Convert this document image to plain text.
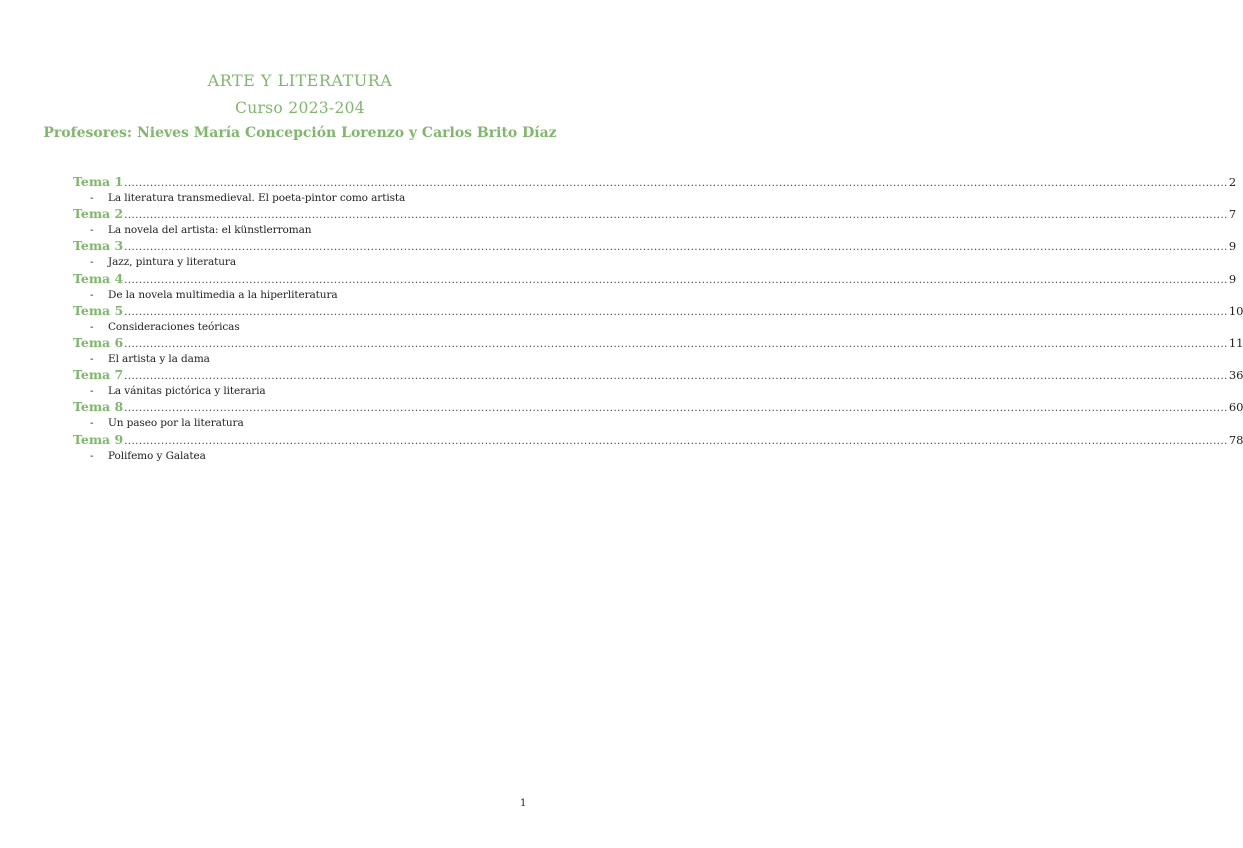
ARTE Y LITERATURA
Curso 2023-204
Profesores: Nieves María Concepción Lorenzo y Carlos Brito Díaz
Tema 1 ............................................................................................................................................................................................................................................................................................................ 2
-	La literatura transmedieval. El poeta-pintor como artista
Tema 2 ............................................................................................................................................................................................................................................................................................................ 7
-	La novela del artista: el künstlerroman
Tema 3 ............................................................................................................................................................................................................................................................................................................ 9
-	Jazz, pintura y literatura
Tema 4 ............................................................................................................................................................................................................................................................................................................ 9
-	De la novela multimedia a la hiperliteratura
Tema 5 ............................................................................................................................................................................................................................................................................................................ 10
-	Consideraciones teóricas
Tema 6 ............................................................................................................................................................................................................................................................................................................ 11
-	El artista y la dama
Tema 7 ............................................................................................................................................................................................................................................................................................................ 36
-	La vánitas pictórica y literaria
Tema 8 ............................................................................................................................................................................................................................................................................................................ 60
-	Un paseo por la literatura
Tema 9 ............................................................................................................................................................................................................................................................................................................ 78
-	Polifemo y Galatea
1
